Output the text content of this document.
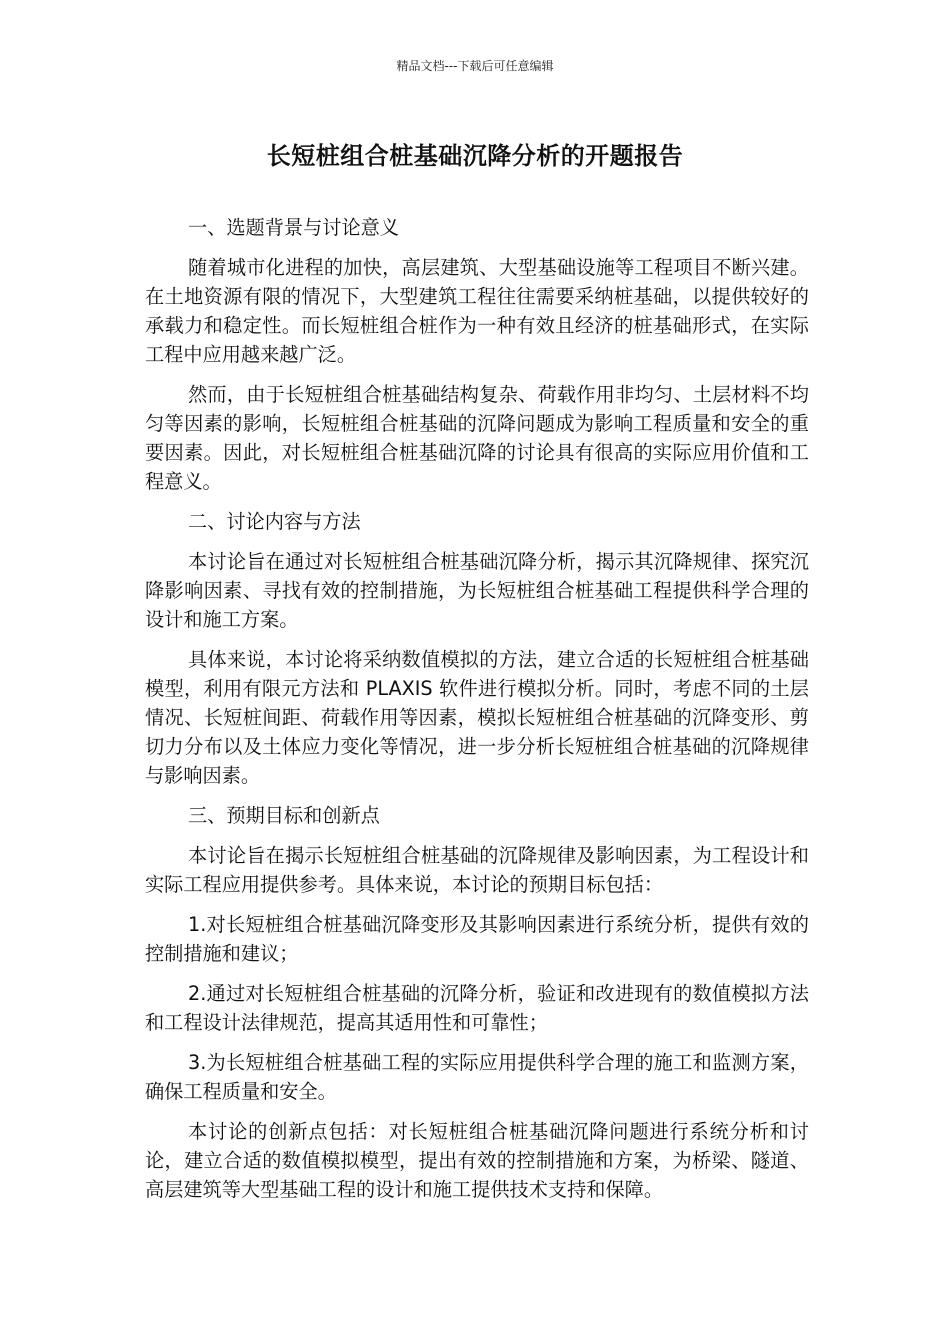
精品文档---下载后可任意编辑
长短桩组合桩基础沉降分析的开题报告

一、选题背景与讨论意义

随着城市化进程的加快，高层建筑、大型基础设施等工程项目不断兴建。在土地资源有限的情况下，大型建筑工程往往需要采纳桩基础，以提供较好的承载力和稳定性。而长短桩组合桩作为一种有效且经济的桩基础形式，在实际工程中应用越来越广泛。

然而，由于长短桩组合桩基础结构复杂、荷载作用非均匀、土层材料不均匀等因素的影响，长短桩组合桩基础的沉降问题成为影响工程质量和安全的重要因素。因此，对长短桩组合桩基础沉降的讨论具有很高的实际应用价值和工程意义。

二、讨论内容与方法

本讨论旨在通过对长短桩组合桩基础沉降分析，揭示其沉降规律、探究沉降影响因素、寻找有效的控制措施，为长短桩组合桩基础工程提供科学合理的设计和施工方案。

具体来说，本讨论将采纳数值模拟的方法，建立合适的长短桩组合桩基础模型，利用有限元方法和 PLAXIS 软件进行模拟分析。同时，考虑不同的土层情况、长短桩间距、荷载作用等因素，模拟长短桩组合桩基础的沉降变形、剪切力分布以及土体应力变化等情况，进一步分析长短桩组合桩基础的沉降规律与影响因素。

三、预期目标和创新点

本讨论旨在揭示长短桩组合桩基础的沉降规律及影响因素，为工程设计和实际工程应用提供参考。具体来说，本讨论的预期目标包括：

1.对长短桩组合桩基础沉降变形及其影响因素进行系统分析，提供有效的控制措施和建议；

2.通过对长短桩组合桩基础的沉降分析，验证和改进现有的数值模拟方法和工程设计法律规范，提高其适用性和可靠性；

3.为长短桩组合桩基础工程的实际应用提供科学合理的施工和监测方案，确保工程质量和安全。

本讨论的创新点包括：对长短桩组合桩基础沉降问题进行系统分析和讨论，建立合适的数值模拟模型，提出有效的控制措施和方案，为桥梁、隧道、高层建筑等大型基础工程的设计和施工提供技术支持和保障。
